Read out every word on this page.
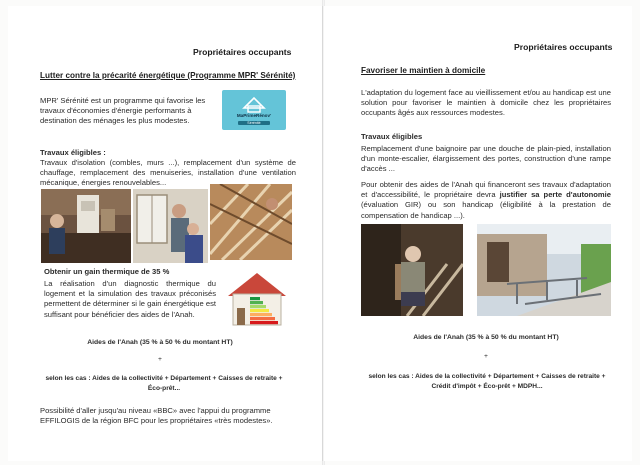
Propriétaires occupants
Lutter contre la précarité énergétique (Programme MPR' Sérénité)
MPR' Sérénité est un programme qui favorise les travaux d'économies d'énergie performants à destination des ménages les plus modestes.
MaPrimeRénov'
Sérénité
Travaux éligibles :
Travaux d'isolation (combles, murs ...), remplacement d'un système de chauffage, remplacement des menuiseries, installation d'une ventilation mécanique, énergies renouvelables...
Obtenir un gain thermique de 35 %
La réalisation d'un diagnostic thermique du logement et la simulation des travaux préconisés permettent de déterminer si le gain énergétique est suffisant pour bénéficier des aides de l'Anah.
Aides de l'Anah (35 % à 50 % du montant HT)
+
selon les cas : Aides de la collectivité + Département + Caisses de retraite + Éco-prêt...
Possibilité d'aller jusqu'au niveau «BBC» avec l'appui du programme EFFILOGIS de la région BFC pour les propriétaires «très modestes».
Propriétaires occupants
Favoriser le maintien à domicile
L'adaptation du logement face au vieillissement et/ou au handicap est une solution pour favoriser le maintien à domicile chez les propriétaires occupants âgés aux ressources modestes.
Travaux éligibles
Remplacement d'une baignoire par une douche de plain-pied, installation d'un monte-escalier, élargissement des portes, construction d'une rampe d'accès ...
Pour obtenir des aides de l'Anah qui financeront ses travaux d'adaptation et d'accessibilité, le propriétaire devra justifier sa perte d'autonomie (évaluation GIR) ou son handicap (éligibilité à la prestation de compensation de handicap ...).
Aides de l'Anah (35 % à 50 % du montant HT)
+
selon les cas : Aides de la collectivité + Département + Caisses de retraite + Crédit d'impôt + Éco-prêt + MDPH...
